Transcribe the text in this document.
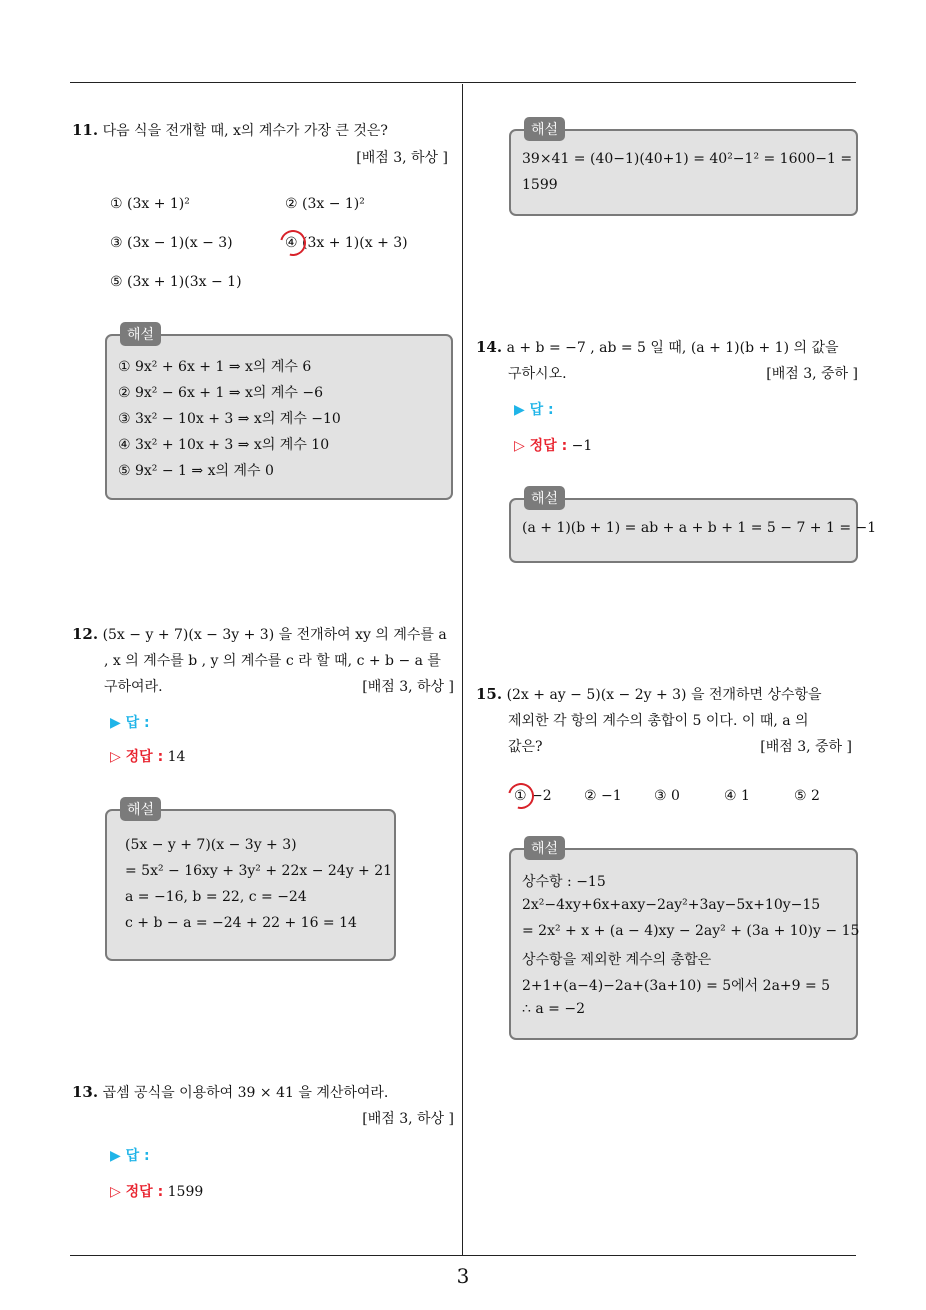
11. 다음 식을 전개할 때, x의 계수가 가장 큰 것은?
[배점 3, 하상 ]
① (3x + 1)²	② (3x − 1)²
③ (3x − 1)(x − 3)	④ (3x + 1)(x + 3)
⑤ (3x + 1)(3x − 1)
해설
① 9x² + 6x + 1 ⇒ x의 계수 6
② 9x² − 6x + 1 ⇒ x의 계수 −6
③ 3x² − 10x + 3 ⇒ x의 계수 −10
④ 3x² + 10x + 3 ⇒ x의 계수 10
⑤ 9x² − 1 ⇒ x의 계수 0
12. (5x − y + 7)(x − 3y + 3) 을 전개하여 xy 의 계수를 a
, x 의 계수를 b , y 의 계수를 c 라 할 때, c + b − a 를
구하여라.	[배점 3, 하상 ]
▶ 답 :
▷ 정답 : 14
해설
(5x − y + 7)(x − 3y + 3)
= 5x² − 16xy + 3y² + 22x − 24y + 21
a = −16, b = 22, c = −24
c + b − a = −24 + 22 + 16 = 14
13. 곱셈 공식을 이용하여 39 × 41 을 계산하여라.
[배점 3, 하상 ]
▶ 답 :
▷ 정답 : 1599
해설
39×41 = (40−1)(40+1) = 40²−1² = 1600−1 =
1599
14. a + b = −7 , ab = 5 일 때, (a + 1)(b + 1) 의 값을
구하시오.	[배점 3, 중하 ]
▶ 답 :
▷ 정답 : −1
해설
(a + 1)(b + 1) = ab + a + b + 1 = 5 − 7 + 1 = −1
15. (2x + ay − 5)(x − 2y + 3) 을 전개하면 상수항을
제외한 각 항의 계수의 총합이 5 이다. 이 때, a 의
값은?	[배점 3, 중하 ]
① −2 ② −1 ③ 0	④ 1	⑤ 2
해설
상수항 : −15
2x²−4xy+6x+axy−2ay²+3ay−5x+10y−15
= 2x² + x + (a − 4)xy − 2ay² + (3a + 10)y − 15
상수항을 제외한 계수의 총합은
2+1+(a−4)−2a+(3a+10) = 5에서 2a+9 = 5
∴ a = −2
3
